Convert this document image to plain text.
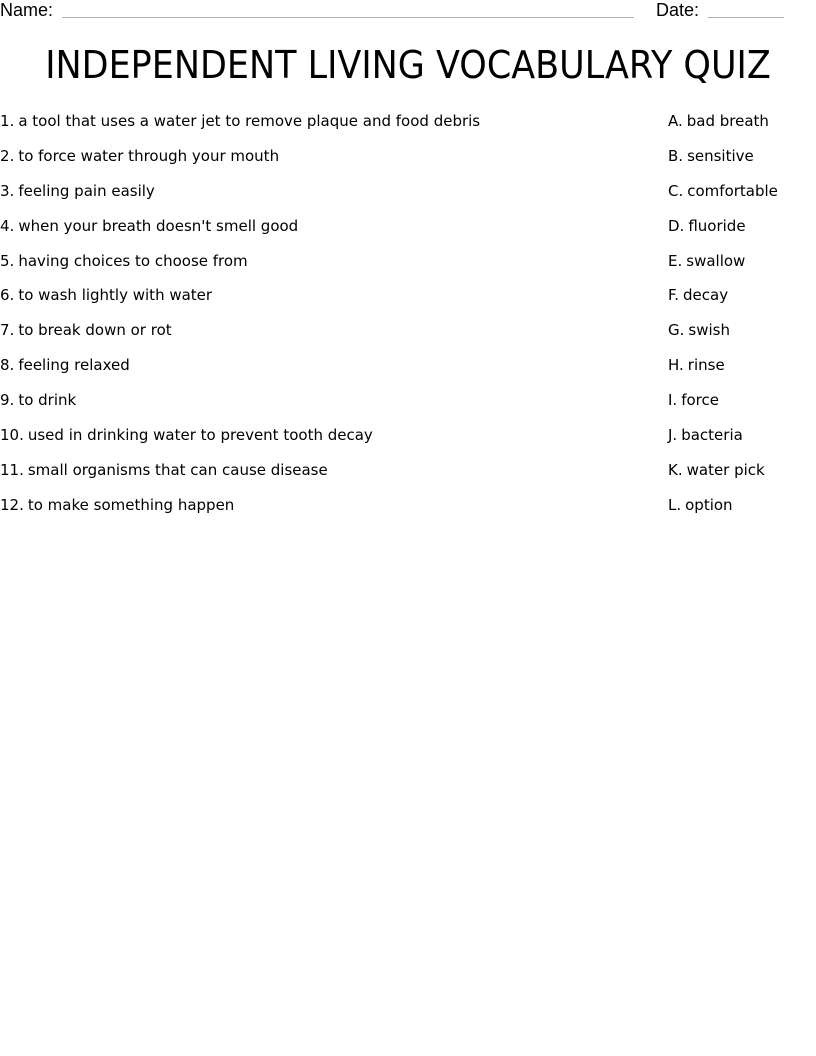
Name:	Date:
INDEPENDENT LIVING VOCABULARY QUIZ
1. a tool that uses a water jet to remove plaque and food debris	A. bad breath
2. to force water through your mouth	B. sensitive
3. feeling pain easily	C. comfortable
4. when your breath doesn't smell good	D. fluoride
5. having choices to choose from	E. swallow
6. to wash lightly with water	F. decay
7. to break down or rot	G. swish
8. feeling relaxed	H. rinse
9. to drink	I. force
10. used in drinking water to prevent tooth decay	J. bacteria
11. small organisms that can cause disease	K. water pick
12. to make something happen	L. option
